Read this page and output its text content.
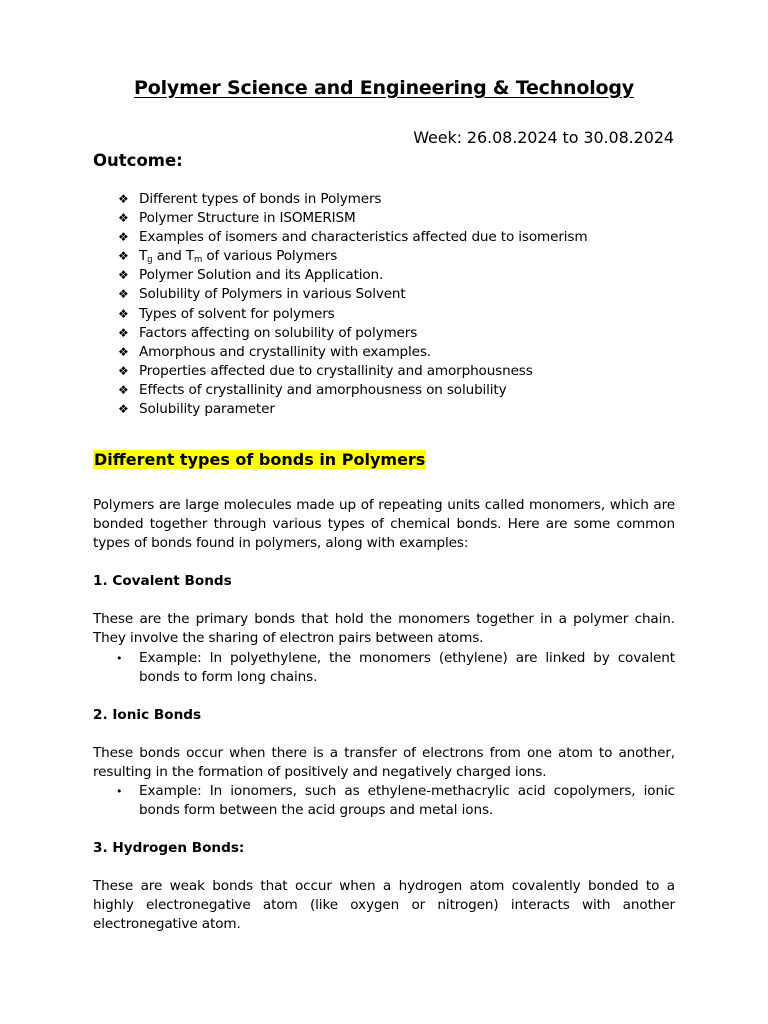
Polymer Science and Engineering & Technology
Week: 26.08.2024 to 30.08.2024
Outcome:
❖ Different types of bonds in Polymers
❖ Polymer Structure in ISOMERISM
❖ Examples of isomers and characteristics affected due to isomerism
❖ Tg and Tm of various Polymers
❖ Polymer Solution and its Application.
❖ Solubility of Polymers in various Solvent
❖ Types of solvent for polymers
❖ Factors affecting on solubility of polymers
❖ Amorphous and crystallinity with examples.
❖ Properties affected due to crystallinity and amorphousness
❖ Effects of crystallinity and amorphousness on solubility
❖ Solubility parameter
Different types of bonds in Polymers

Polymers are large molecules made up of repeating units called monomers, which are bonded together through various types of chemical bonds. Here are some common types of bonds found in polymers, along with examples:

1. Covalent Bonds

These are the primary bonds that hold the monomers together in a polymer chain. They involve the sharing of electron pairs between atoms.

• Example: In polyethylene, the monomers (ethylene) are linked by covalent bonds to form long chains.

2. Ionic Bonds

These bonds occur when there is a transfer of electrons from one atom to another, resulting in the formation of positively and negatively charged ions.

• Example: In ionomers, such as ethylene-methacrylic acid copolymers, ionic bonds form between the acid groups and metal ions.

3. Hydrogen Bonds:

These are weak bonds that occur when a hydrogen atom covalently bonded to a highly electronegative atom (like oxygen or nitrogen) interacts with another electronegative atom.
